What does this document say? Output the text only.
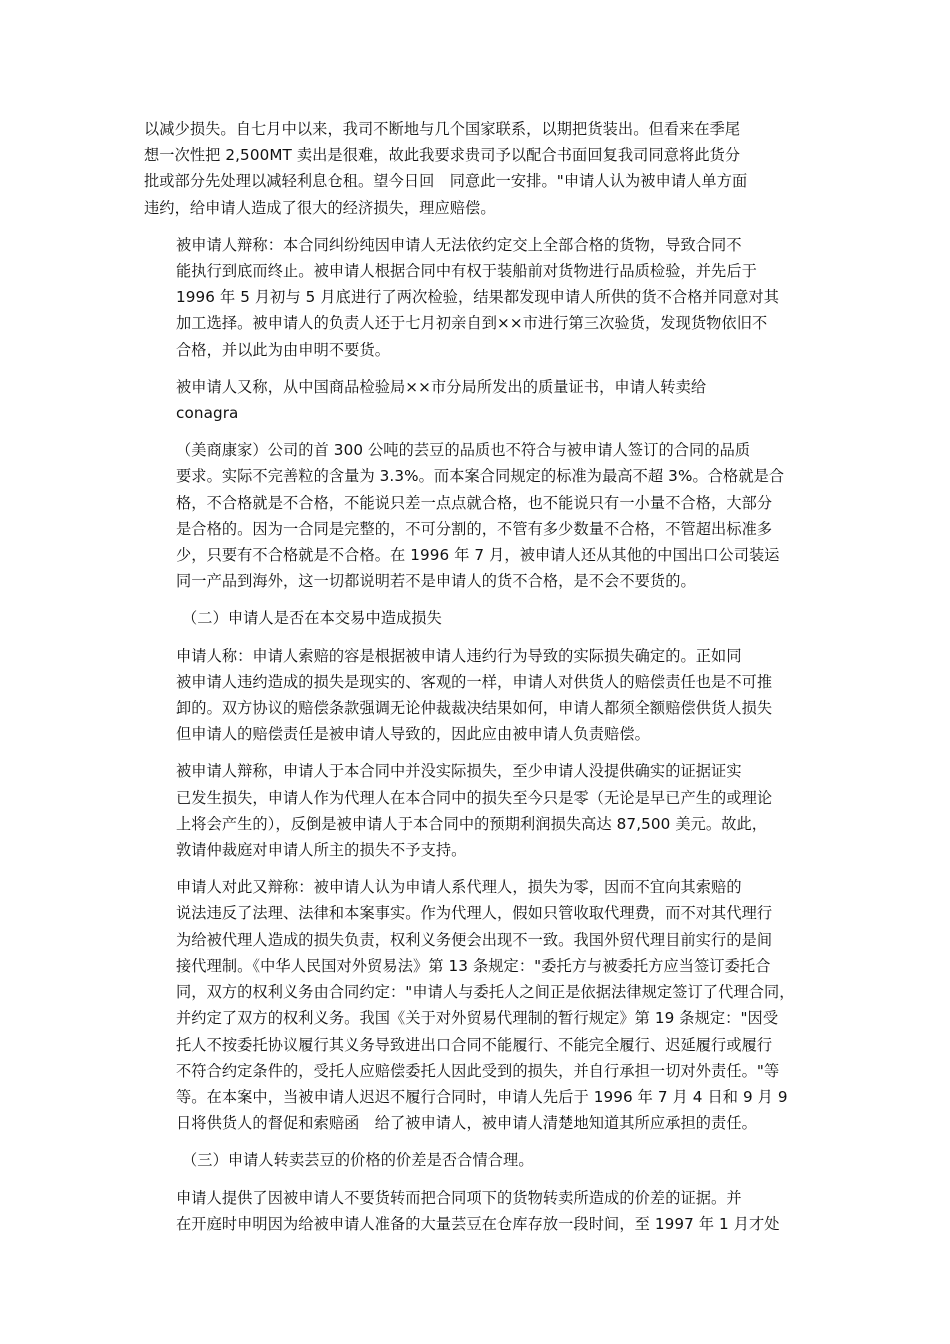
以减少损失。自七月中以来，我司不断地与几个国家联系，以期把货装出。但看来在季尾
想一次性把 2,500MT 卖出是很难，故此我要求贵司予以配合书面回复我司同意将此货分
批或部分先处理以减轻利息仓租。望今日回　同意此一安排。"申请人认为被申请人单方面
违约，给申请人造成了很大的经济损失，理应赔偿。

被申请人辩称：本合同纠纷纯因申请人无法依约定交上全部合格的货物，导致合同不
能执行到底而终止。被申请人根据合同中有权于装船前对货物进行品质检验，并先后于
1996 年 5 月初与 5 月底进行了两次检验，结果都发现申请人所供的货不合格并同意对其
加工选择。被申请人的负责人还于七月初亲自到××市进行第三次验货，发现货物依旧不
合格，并以此为由申明不要货。

被申请人又称，从中国商品检验局××市分局所发出的质量证书，申请人转卖给
conagra

（美商康家）公司的首 300 公吨的芸豆的品质也不符合与被申请人签订的合同的品质
要求。实际不完善粒的含量为 3.3%。而本案合同规定的标准为最高不超 3%。合格就是合
格，不合格就是不合格，不能说只差一点点就合格，也不能说只有一小量不合格，大部分
是合格的。因为一合同是完整的，不可分割的，不管有多少数量不合格，不管超出标准多
少，只要有不合格就是不合格。在 1996 年 7 月，被申请人还从其他的中国出口公司装运
同一产品到海外，这一切都说明若不是申请人的货不合格，是不会不要货的。

（二）申请人是否在本交易中造成损失

申请人称：申请人索赔的容是根据被申请人违约行为导致的实际损失确定的。正如同
被申请人违约造成的损失是现实的、客观的一样，申请人对供货人的赔偿责任也是不可推
卸的。双方协议的赔偿条款强调无论仲裁裁决结果如何，申请人都须全额赔偿供货人损失
但申请人的赔偿责任是被申请人导致的，因此应由被申请人负责赔偿。

被申请人辩称，申请人于本合同中并没实际损失，至少申请人没提供确实的证据证实
已发生损失，申请人作为代理人在本合同中的损失至今只是零（无论是早已产生的或理论
上将会产生的），反倒是被申请人于本合同中的预期利润损失高达 87,500 美元。故此，
敦请仲裁庭对申请人所主的损失不予支持。

申请人对此又辩称：被申请人认为申请人系代理人，损失为零，因而不宜向其索赔的
说法违反了法理、法律和本案事实。作为代理人，假如只管收取代理费，而不对其代理行
为给被代理人造成的损失负责，权利义务便会出现不一致。我国外贸代理目前实行的是间
接代理制。《中华人民国对外贸易法》第 13 条规定："委托方与被委托方应当签订委托合
同，双方的权利义务由合同约定："申请人与委托人之间正是依据法律规定签订了代理合同，
并约定了双方的权利义务。我国《关于对外贸易代理制的暂行规定》第 19 条规定："因受
托人不按委托协议履行其义务导致进出口合同不能履行、不能完全履行、迟延履行或履行
不符合约定条件的，受托人应赔偿委托人因此受到的损失，并自行承担一切对外责任。"等
等。在本案中，当被申请人迟迟不履行合同时，申请人先后于 1996 年 7 月 4 日和 9 月 9
日将供货人的督促和索赔函　给了被申请人，被申请人清楚地知道其所应承担的责任。

（三）申请人转卖芸豆的价格的价差是否合情合理。

申请人提供了因被申请人不要货转而把合同项下的货物转卖所造成的价差的证据。并
在开庭时申明因为给被申请人准备的大量芸豆在仓库存放一段时间，至 1997 年 1 月才处
